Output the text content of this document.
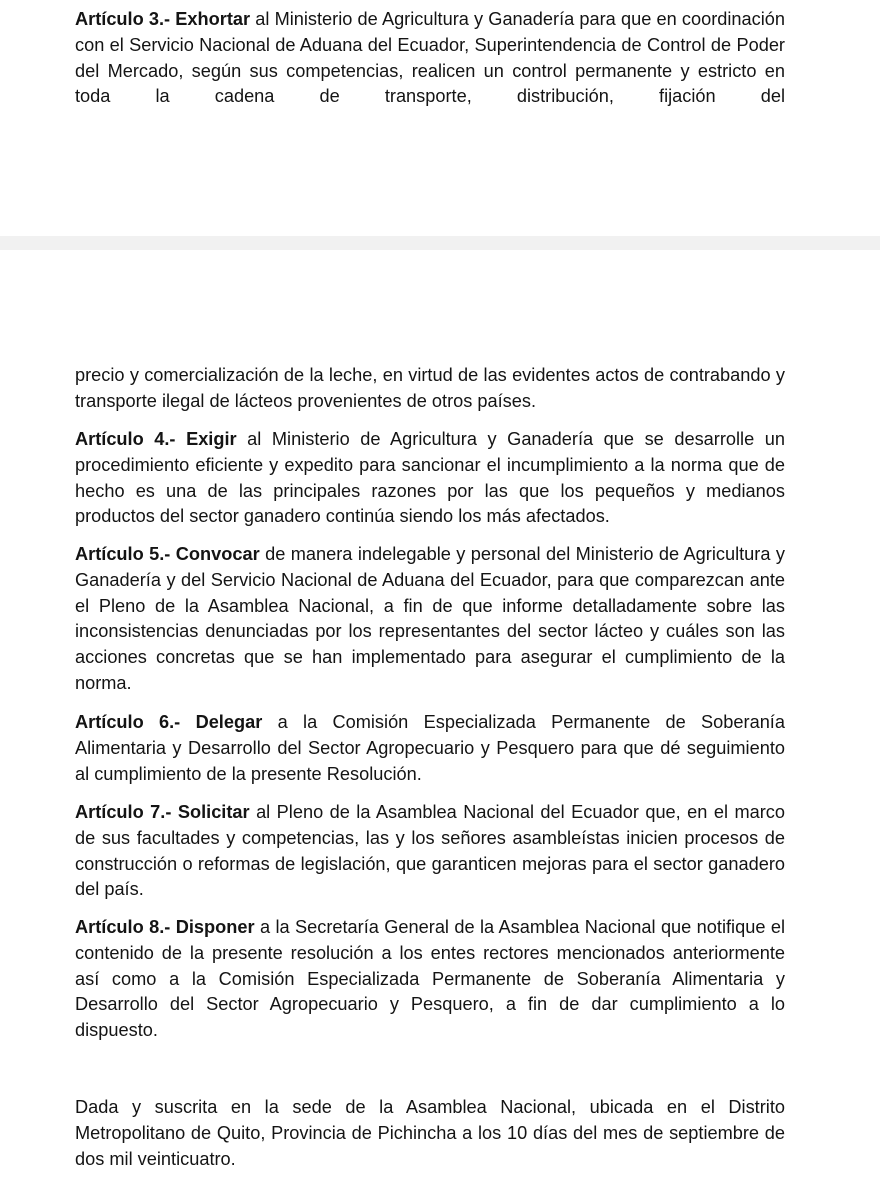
Artículo 3.- Exhortar al Ministerio de Agricultura y Ganadería para que en coordinación con el Servicio Nacional de Aduana del Ecuador, Superintendencia de Control de Poder del Mercado, según sus competencias, realicen un control permanente y estricto en toda la cadena de transporte, distribución, fijación del

precio y comercialización de la leche, en virtud de las evidentes actos de contrabando y transporte ilegal de lácteos provenientes de otros países.

Artículo 4.- Exigir al Ministerio de Agricultura y Ganadería que se desarrolle un procedimiento eficiente y expedito para sancionar el incumplimiento a la norma que de hecho es una de las principales razones por las que los pequeños y medianos productos del sector ganadero continúa siendo los más afectados.

Artículo 5.- Convocar de manera indelegable y personal del Ministerio de Agricultura y Ganadería y del Servicio Nacional de Aduana del Ecuador, para que comparezcan ante el Pleno de la Asamblea Nacional, a fin de que informe detalladamente sobre las inconsistencias denunciadas por los representantes del sector lácteo y cuáles son las acciones concretas que se han implementado para asegurar el cumplimiento de la norma.

Artículo 6.- Delegar a la Comisión Especializada Permanente de Soberanía Alimentaria y Desarrollo del Sector Agropecuario y Pesquero para que dé seguimiento al cumplimiento de la presente Resolución.

Artículo 7.- Solicitar al Pleno de la Asamblea Nacional del Ecuador que, en el marco de sus facultades y competencias, las y los señores asambleístas inicien procesos de construcción o reformas de legislación, que garanticen mejoras para el sector ganadero del país.

Artículo 8.- Disponer a la Secretaría General de la Asamblea Nacional que notifique el contenido de la presente resolución a los entes rectores mencionados anteriormente así como a la Comisión Especializada Permanente de Soberanía Alimentaria y Desarrollo del Sector Agropecuario y Pesquero, a fin de dar cumplimiento a lo dispuesto.

Dada y suscrita en la sede de la Asamblea Nacional, ubicada en el Distrito Metropolitano de Quito, Provincia de Pichincha a los 10 días del mes de septiembre de dos mil veinticuatro.
